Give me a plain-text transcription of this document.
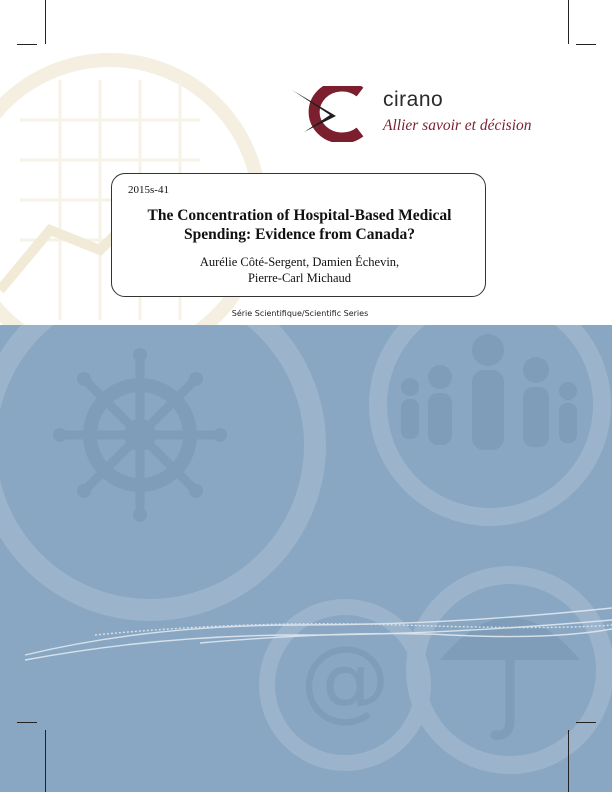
cirano
Allier savoir et décision
2015s-41
The Concentration of Hospital-Based Medical
Spending: Evidence from Canada?
Aurélie Côté-Sergent, Damien Échevin,
Pierre-Carl Michaud
Série Scientifique/Scientific Series
@
